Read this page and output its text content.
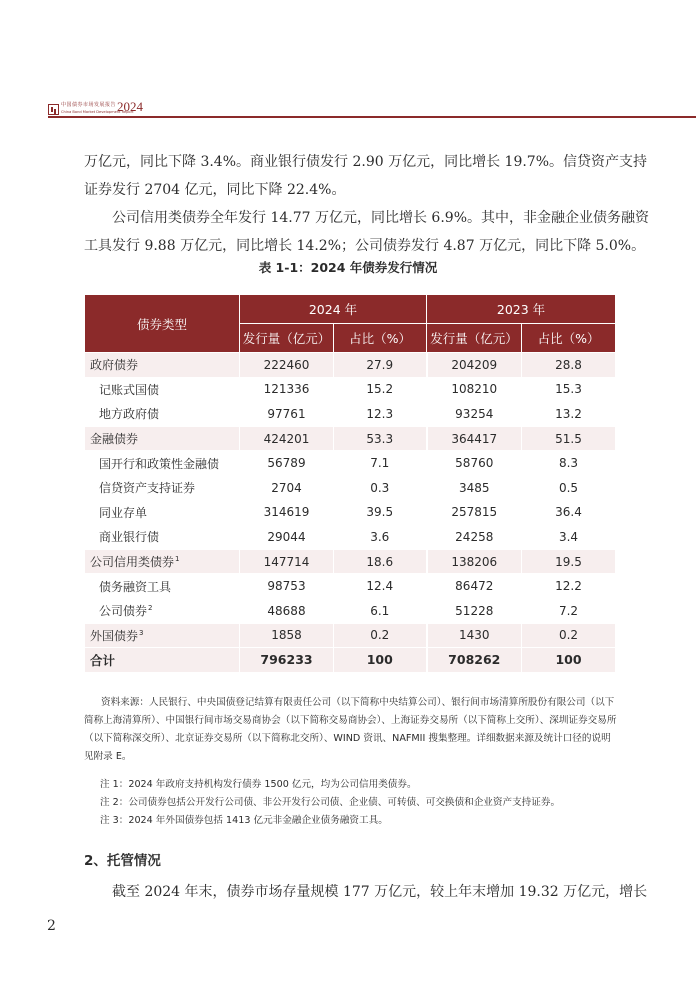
中国债券市场发展报告
China Bond Market Development Report
2024

万亿元，同比下降 3.4%。商业银行债发行 2.90 万亿元，同比增长 19.7%。信贷资产支持

证券发行 2704 亿元，同比下降 22.4%。

公司信用类债券全年发行 14.77 万亿元，同比增长 6.9%。其中，非金融企业债务融资

工具发行 9.88 万亿元，同比增长 14.2%；公司债券发行 4.87 万亿元，同比下降 5.0%。

表 1-1：2024 年债券发行情况
债券类型	2024 年		2023 年	
	发行量（亿元）	占比（%）	发行量（亿元）	占比（%）
政府债券	222460	27.9	204209	28.8
记账式国债	121336	15.2	108210	15.3
地方政府债	97761	12.3	93254	13.2
金融债券	424201	53.3	364417	51.5
国开行和政策性金融债	56789	7.1	58760	8.3
信贷资产支持证券	2704	0.3	3485	0.5
同业存单	314619	39.5	257815	36.4
商业银行债	29044	3.6	24258	3.4
公司信用类债券$^1$	147714	18.6	138206	19.5
债务融资工具	98753	12.4	86472	12.2
公司债券$^2$	48688	6.1	51228	7.2
外国债券$^3$	1858	0.2	1430	0.2
合计	796233	100	708262	100

资料来源：人民银行、中央国债登记结算有限责任公司（以下简称中央结算公司）、银行间市场清算所股份有限公司（以下简称上海清算所）、中国银行间市场交易商协会（以下简称交易商协会）、上海证券交易所（以下简称上交所）、深圳证券交易所（以下简称深交所）、北京证券交易所（以下简称北交所）、WIND 资讯、NAFMII 搜集整理。详细数据来源及统计口径的说明见附录 E。

注 1：2024 年政府支持机构发行债券 1500 亿元，均为公司信用类债券。

注 2：公司债券包括公开发行公司债、非公开发行公司债、企业债、可转债、可交换债和企业资产支持证券。

注 3：2024 年外国债券包括 1413 亿元非金融企业债务融资工具。

2、托管情况

截至 2024 年末，债券市场存量规模 177 万亿元，较上年末增加 19.32 万亿元，增长

2
